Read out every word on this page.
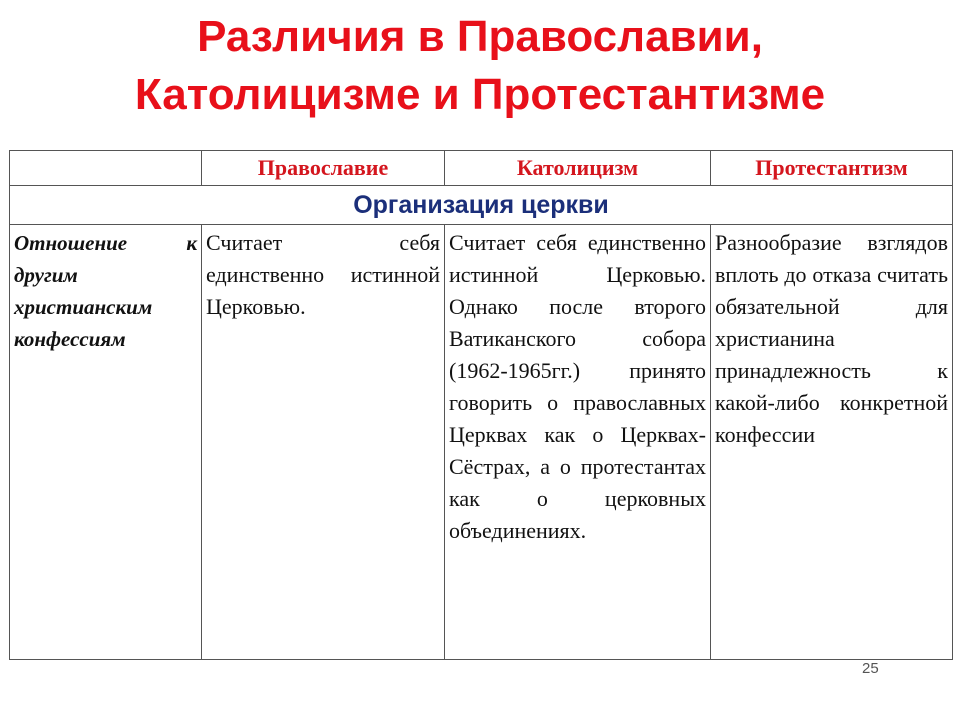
Различия в Православии,
Католицизме и Протестантизме
	Православие	Католицизм	Протестантизм
Организация церкви			
Отношение к другим христианским конфессиям	Считает себя единственно истинной Церковью.	Считает себя единственно истинной Церковью. Однако после второго Ватиканского собора (1962-1965гг.) принято говорить о православных Церквах как о Церквах-Сёстрах, а о протестантах как о церковных объединениях.	Разнообразие взглядов вплоть до отказа считать обязательной для христианина принадлежность к какой-либо конкретной конфессии
25
